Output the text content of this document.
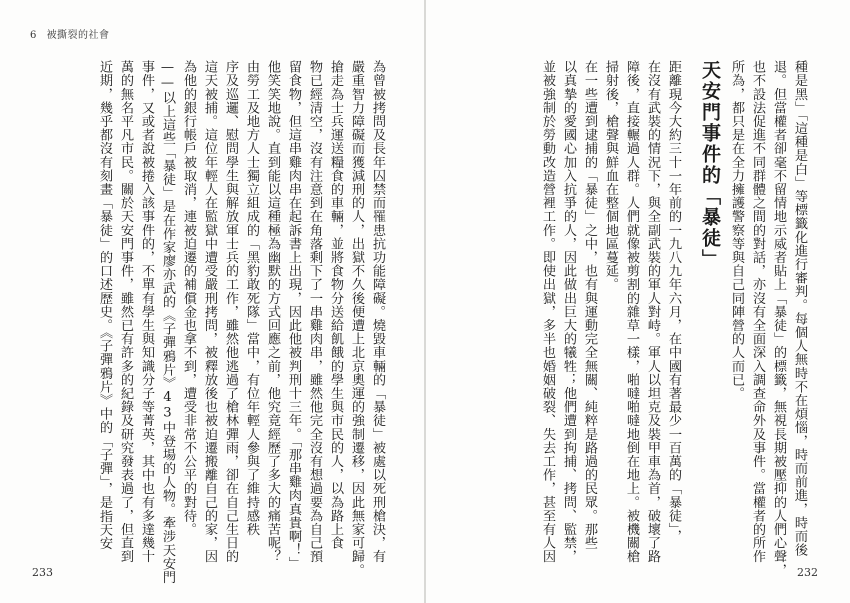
6 被撕裂的社會
為曾被拷問及長年囚禁而罹患抗功能障礙。燒毀車輛的「暴徒」被處以死刑槍決，有
嚴重智力障礙而獲減刑的人，出獄不久後便遭上北京奧運的強制遷移，因此無家可歸。
搶走為士兵運送糧食的車輛，並將食物分送給飢餓的學生與市民的人，以為路上食
物已經清空，沒有注意到在角落剩下了一串雞肉串，雖然他完全沒有想過要為自己預
留食物，但這串雞肉串在起訴書上出現，因此他被判刑十三年。「那串雞肉真貴啊！」
他笑笑地說。直到能以這種極為幽默的方式回應之前，他究竟經歷了多大的痛苦呢？
由勞工及地方人士獨立組成的「黑豹敢死隊」當中，有位年輕人參與了維持感秩
序及巡邏、慰問學生與解放軍士兵的工作，雖然他逃過了槍林彈雨，卻在自己生日的
這天被捕。這位年輕人在監獄中遭受嚴刑拷問，被釋放後也被迫遷搬離自己的家，因
為他的銀行帳戶被取消，連被迫遷的補償金也拿不到，遭受非常不公平的對待。
——以上這些「暴徒」是在作家廖亦武的《子彈鴉片》43中登場的人物。牽涉天安門
事件，又或者說被捲入該事件的，不單有學生與知識分子等菁英，其中也有多達幾十
萬的無名平凡市民。關於天安門事件，雖然已有許多的紀錄及研究發表過了，但直到
近期，幾乎都沒有刻畫「暴徒」的口述歷史。《子彈鴉片》中的「子彈」，是指天安
233
種是黑」「這種是白」等標籤化進行審判。每個人無時不在煩惱，時而前進，時而後
退。但當權者卻毫不留情地示威者貼上「暴徒」的標籤，無視長期被壓抑的人們心聲，
也不設法促進不同群體之間的對話，亦沒有全面深入調查命外及事件。當權者的所作
所為，都只是在全力擁護警察等與自己同陣營的人而已。
天安門事件的「暴徒」
距離現今大約三十一年前的一九八九年六月，在中國有著最少一百萬的「暴徒」，
在沒有武裝的情況下，與全副武裝的軍人對峙。軍人以坦克及裝甲車為首，破壞了路
障後，直接輾過人群。人們就像被剪割的雜草一樣，啪噠啪噠地倒在地上。被機關槍
掃射後，槍聲與鮮血在整個地區蔓延。
在一些遭到逮捕的「暴徒」之中，也有與運動完全無關、純粹是路過的民眾。那些
以真摯的愛國心加入抗爭的人，因此做出巨大的犧牲；他們遭到拘捕、拷問、監禁，
並被強制於勞動改造營裡工作。即使出獄，多半也婚姻破裂、失去工作，甚至有人因
232
